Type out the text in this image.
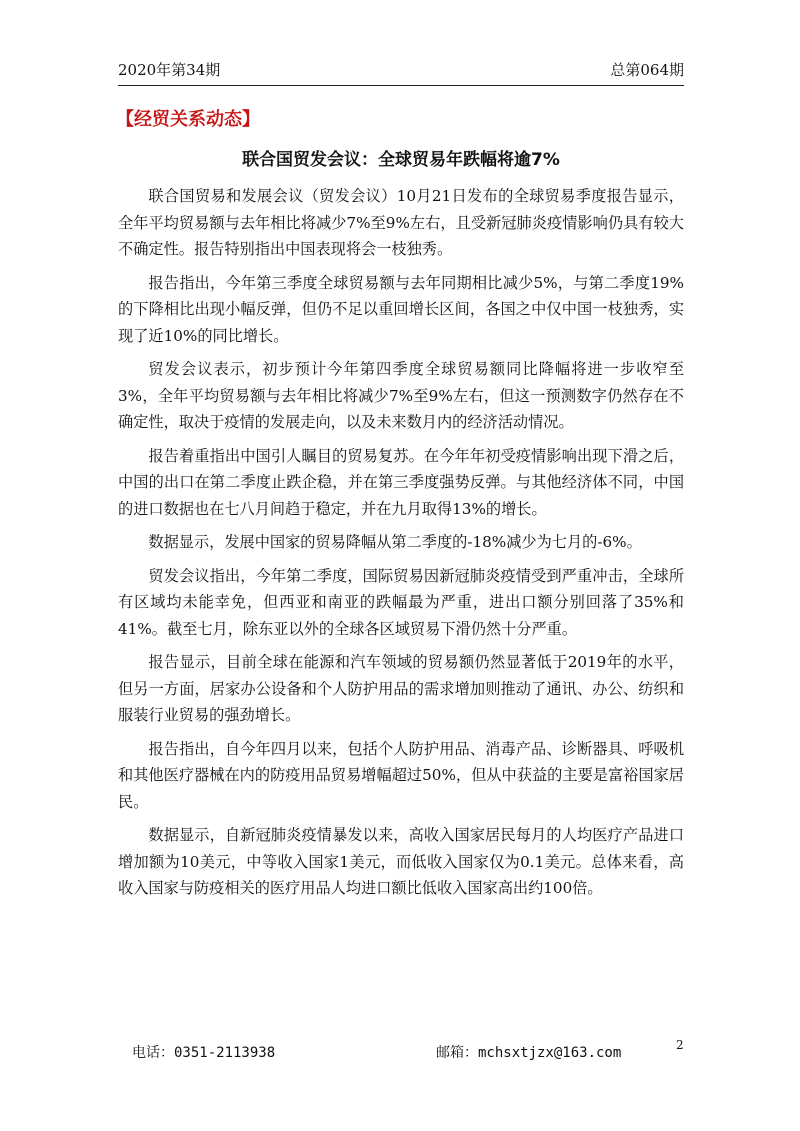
2020年第34期	总第064期
【经贸关系动态】
联合国贸发会议：全球贸易年跌幅将逾7%

联合国贸易和发展会议（贸发会议）10月21日发布的全球贸易季度报告显示，全年平均贸易额与去年相比将减少7%至9%左右，且受新冠肺炎疫情影响仍具有较大不确定性。报告特别指出中国表现将会一枝独秀。

报告指出，今年第三季度全球贸易额与去年同期相比减少5%，与第二季度19%的下降相比出现小幅反弹，但仍不足以重回增长区间，各国之中仅中国一枝独秀，实现了近10%的同比增长。

贸发会议表示，初步预计今年第四季度全球贸易额同比降幅将进一步收窄至3%，全年平均贸易额与去年相比将减少7%至9%左右，但这一预测数字仍然存在不确定性，取决于疫情的发展走向，以及未来数月内的经济活动情况。

报告着重指出中国引人瞩目的贸易复苏。在今年年初受疫情影响出现下滑之后，中国的出口在第二季度止跌企稳，并在第三季度强势反弹。与其他经济体不同，中国的进口数据也在七八月间趋于稳定，并在九月取得13%的增长。

数据显示，发展中国家的贸易降幅从第二季度的-18%减少为七月的-6%。

贸发会议指出，今年第二季度，国际贸易因新冠肺炎疫情受到严重冲击，全球所有区域均未能幸免，但西亚和南亚的跌幅最为严重，进出口额分别回落了35%和41%。截至七月，除东亚以外的全球各区域贸易下滑仍然十分严重。

报告显示，目前全球在能源和汽车领域的贸易额仍然显著低于2019年的水平，但另一方面，居家办公设备和个人防护用品的需求增加则推动了通讯、办公、纺织和服装行业贸易的强劲增长。

报告指出，自今年四月以来，包括个人防护用品、消毒产品、诊断器具、呼吸机和其他医疗器械在内的防疫用品贸易增幅超过50%，但从中获益的主要是富裕国家居民。

数据显示，自新冠肺炎疫情暴发以来，高收入国家居民每月的人均医疗产品进口增加额为10美元，中等收入国家1美元，而低收入国家仅为0.1美元。总体来看，高收入国家与防疫相关的医疗用品人均进口额比低收入国家高出约100倍。

电话：0351-2113938	邮箱：mchsxtjzx@163.com	2
